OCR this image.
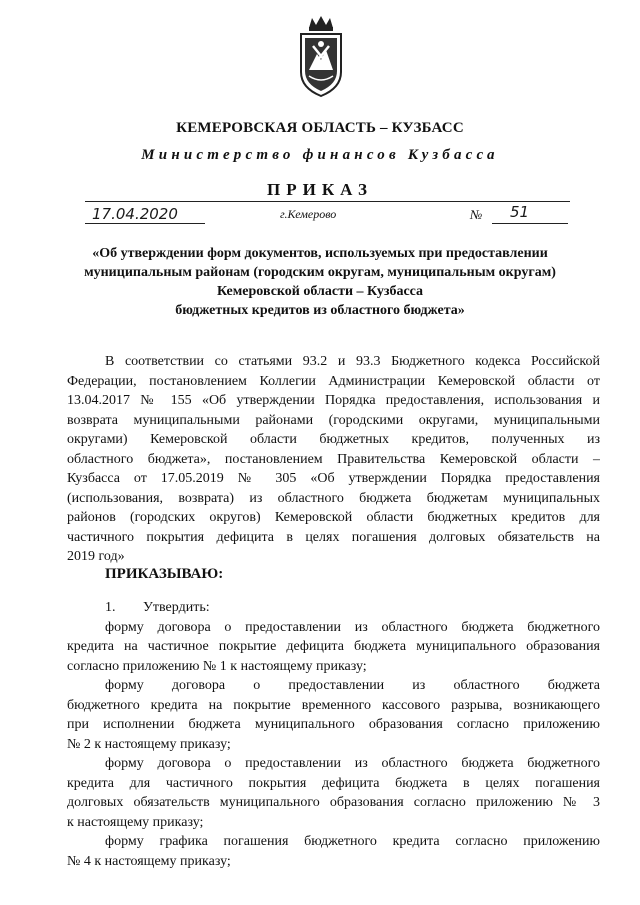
КЕМЕРОВСКАЯ ОБЛАСТЬ – КУЗБАСС
Министерство финансов Кузбасса
ПРИКАЗ
17.04.2020	г.Кемерово	№ 51
«Об утверждении форм документов, используемых при предоставлении
муниципальным районам (городским округам, муниципальным округам)
Кемеровской области – Кузбасса
бюджетных кредитов из областного бюджета»
В соответствии со статьями 93.2 и 93.3 Бюджетного кодекса Российской
Федерации, постановлением Коллегии Администрации Кемеровской области от
13.04.2017 № 155 «Об утверждении Порядка предоставления, использования и
возврата муниципальными районами (городскими округами, муниципальными
округами) Кемеровской области бюджетных кредитов, полученных из
областного бюджета», постановлением Правительства Кемеровской области –
Кузбасса от 17.05.2019 № 305 «Об утверждении Порядка предоставления
(использования, возврата) из областного бюджета бюджетам муниципальных
районов (городских округов) Кемеровской области бюджетных кредитов для
частичного покрытия дефицита в целях погашения долговых обязательств на
2019 год»
ПРИКАЗЫВАЮ:
1. Утвердить:
форму договора о предоставлении из областного бюджета бюджетного
кредита на частичное покрытие дефицита бюджета муниципального образования
согласно приложению № 1 к настоящему приказу;
форму договора о предоставлении из областного бюджета
бюджетного кредита на покрытие временного кассового разрыва, возникающего
при исполнении бюджета муниципального образования согласно приложению
№ 2 к настоящему приказу;
форму договора о предоставлении из областного бюджета бюджетного
кредита для частичного покрытия дефицита бюджета в целях погашения
долговых обязательств муниципального образования согласно приложению № 3
к настоящему приказу;
форму графика погашения бюджетного кредита согласно приложению
№ 4 к настоящему приказу;
